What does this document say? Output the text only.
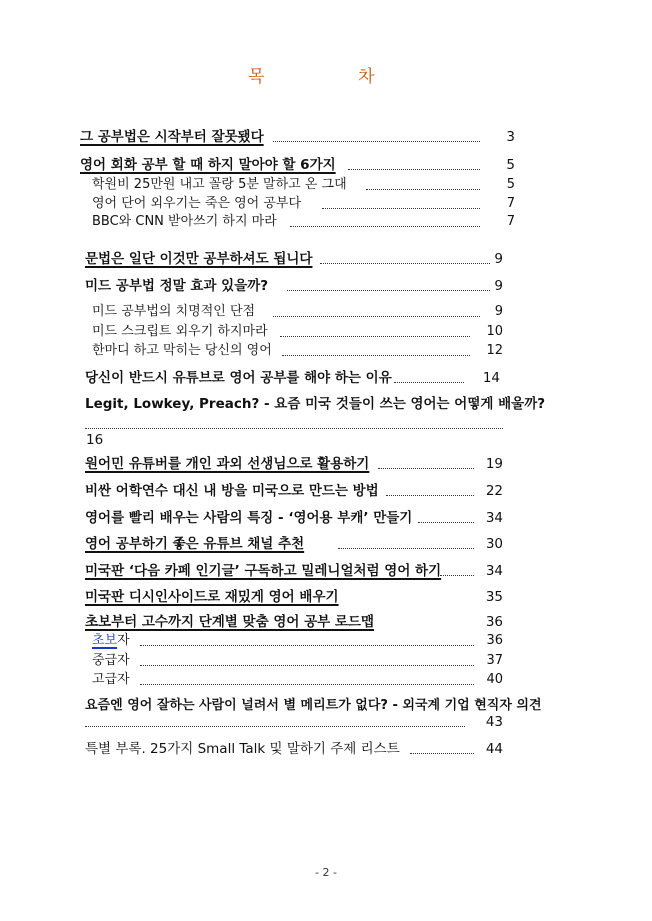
목	차
그 공부법은 시작부터 잘못됐다	3
영어 회화 공부 할 때 하지 말아야 할 6가지	5
학원비 25만원 내고 꼴랑 5분 말하고 온 그대	5
영어 단어 외우기는 죽은 영어 공부다	7
BBC와 CNN 받아쓰기 하지 마라	7
문법은 일단 이것만 공부하셔도 됩니다	9
미드 공부법 정말 효과 있을까?	9
미드 공부법의 치명적인 단점	9
미드 스크립트 외우기 하지마라	10
한마디 하고 막히는 당신의 영어	12
당신이 반드시 유튜브로 영어 공부를 해야 하는 이유	14
Legit, Lowkey, Preach? - 요즘 미국 것들이 쓰는 영어는 어떻게 배울까?
16
원어민 유튜버를 개인 과외 선생님으로 활용하기	19
비싼 어학연수 대신 내 방을 미국으로 만드는 방법	22
영어를 빨리 배우는 사람의 특징 - ‘영어용 부캐’ 만들기	34
영어 공부하기 좋은 유튜브 채널 추천	30
미국판 ‘다음 카페 인기글’ 구독하고 밀레니얼처럼 영어 하기	34
미국판 디시인사이드로 재밌게 영어 배우기	35
초보부터 고수까지 단계별 맞춤 영어 공부 로드맵	36
초보자	36
중급자	37
고급자	40
요즘엔 영어 잘하는 사람이 널려서 별 메리트가 없다? - 외국계 기업 현직자 의견
43
특별 부록. 25가지 Small Talk 및 말하기 주제 리스트	44
- 2 -
